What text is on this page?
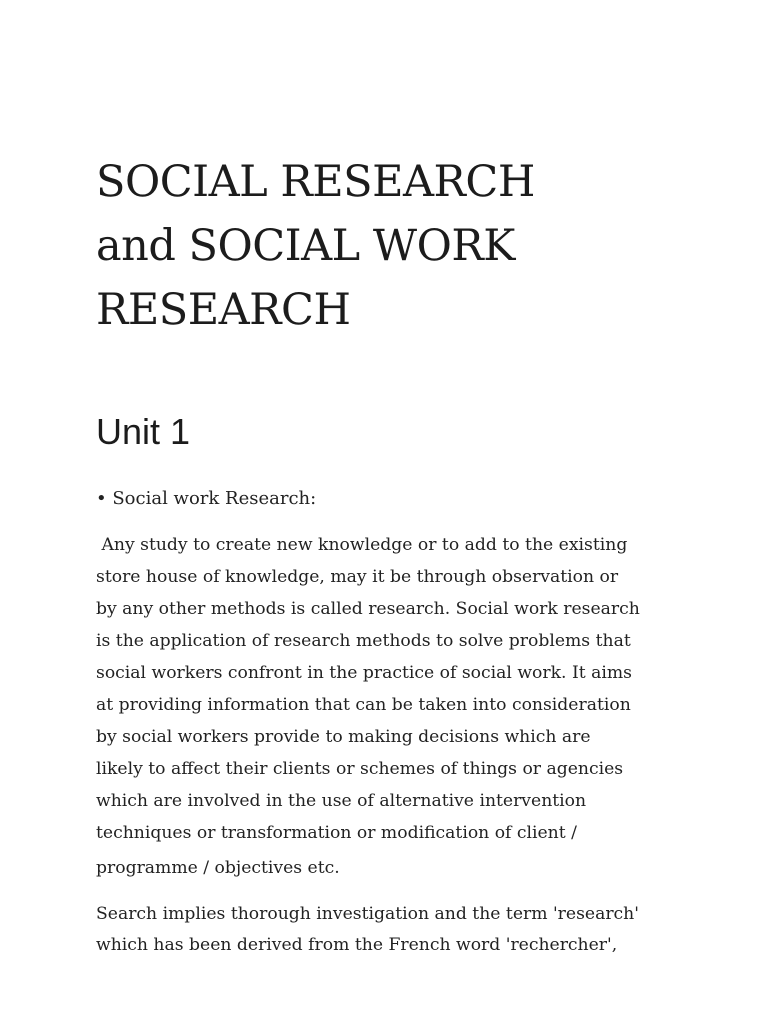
SOCIAL RESEARCH
and SOCIAL WORK
RESEARCH
Unit 1

• Social work Research:

Any study to create new knowledge or to add to the existing
store house of knowledge, may it be through observation or
by any other methods is called research. Social work research
is the application of research methods to solve problems that
social workers confront in the practice of social work. It aims
at providing information that can be taken into consideration
by social workers provide to making decisions which are
likely to affect their clients or schemes of things or agencies
which are involved in the use of alternative intervention
techniques or transformation or modification of client /
programme / objectives etc.

Search implies thorough investigation and the term 'research'
which has been derived from the French word 'rechercher',
